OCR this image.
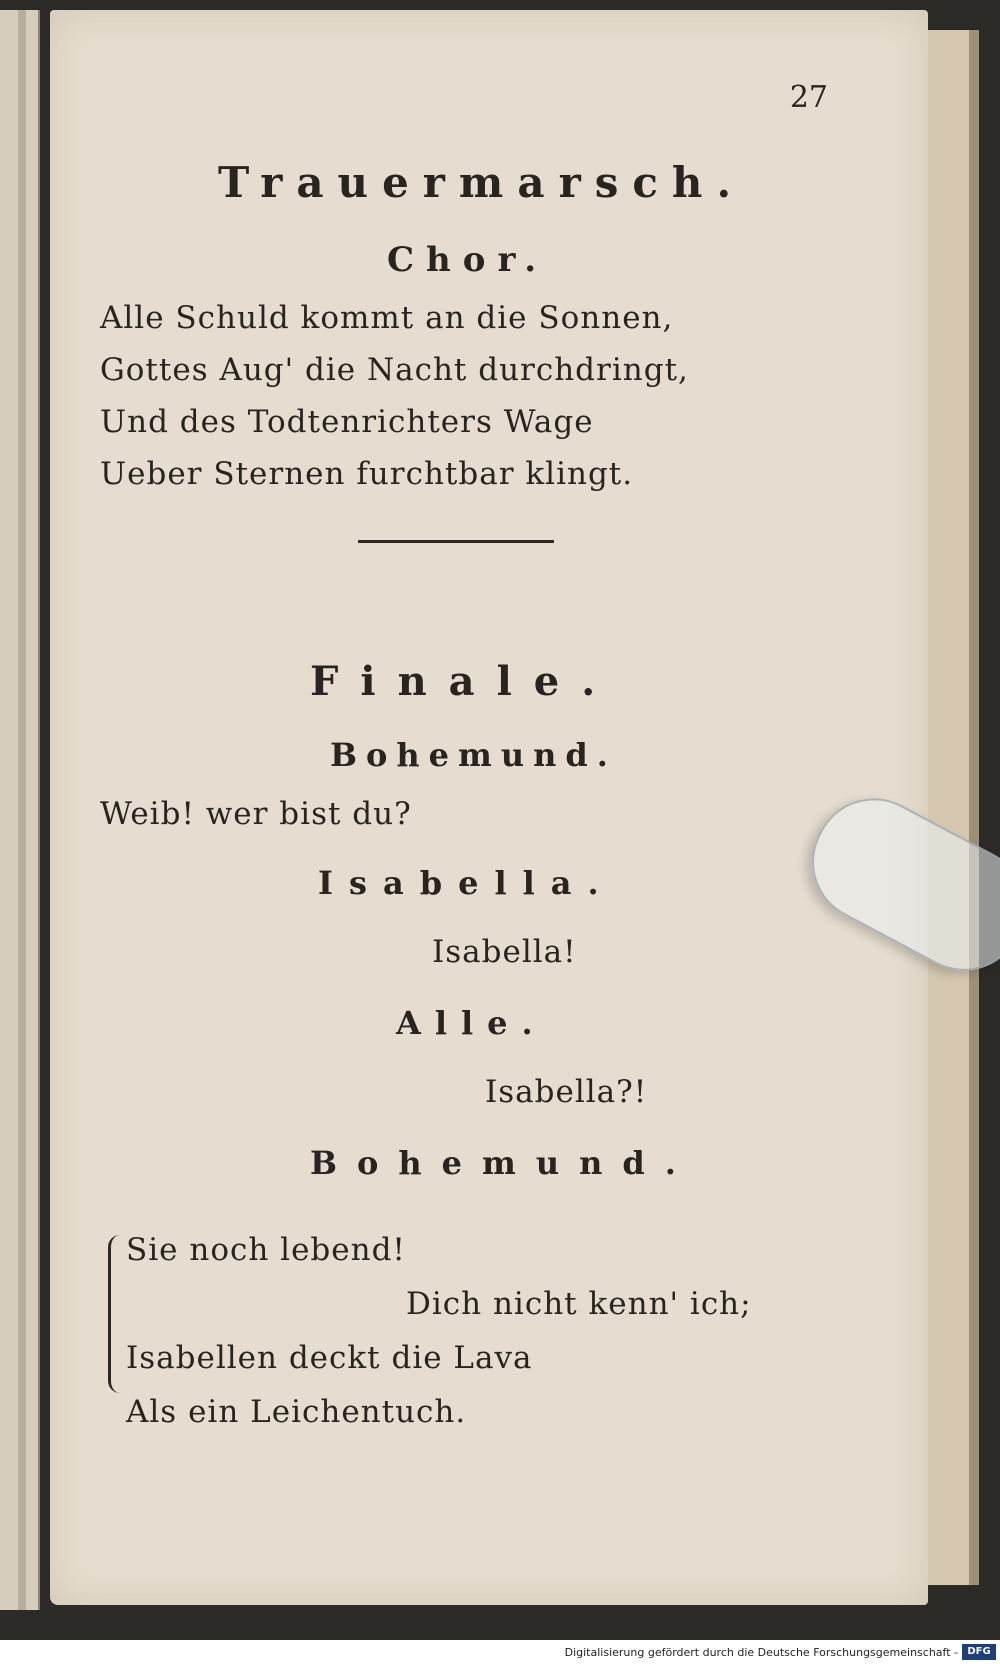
27
Trauermarsch.
Chor.
Alle Schuld kommt an die Sonnen,
Gottes Aug' die Nacht durchdringt,
Und des Todtenrichters Wage
Ueber Sternen furchtbar klingt.
Finale.
Bohemund.
Weib! wer bist du?
Isabella.
Isabella!
Alle.
Isabella?!
Bohemund.
Sie noch lebend!
Dich nicht kenn' ich;
Isabellen deckt die Lava
Als ein Leichentuch.
Digitalisierung gefördert durch die Deutsche Forschungsgemeinschaft - DFG
